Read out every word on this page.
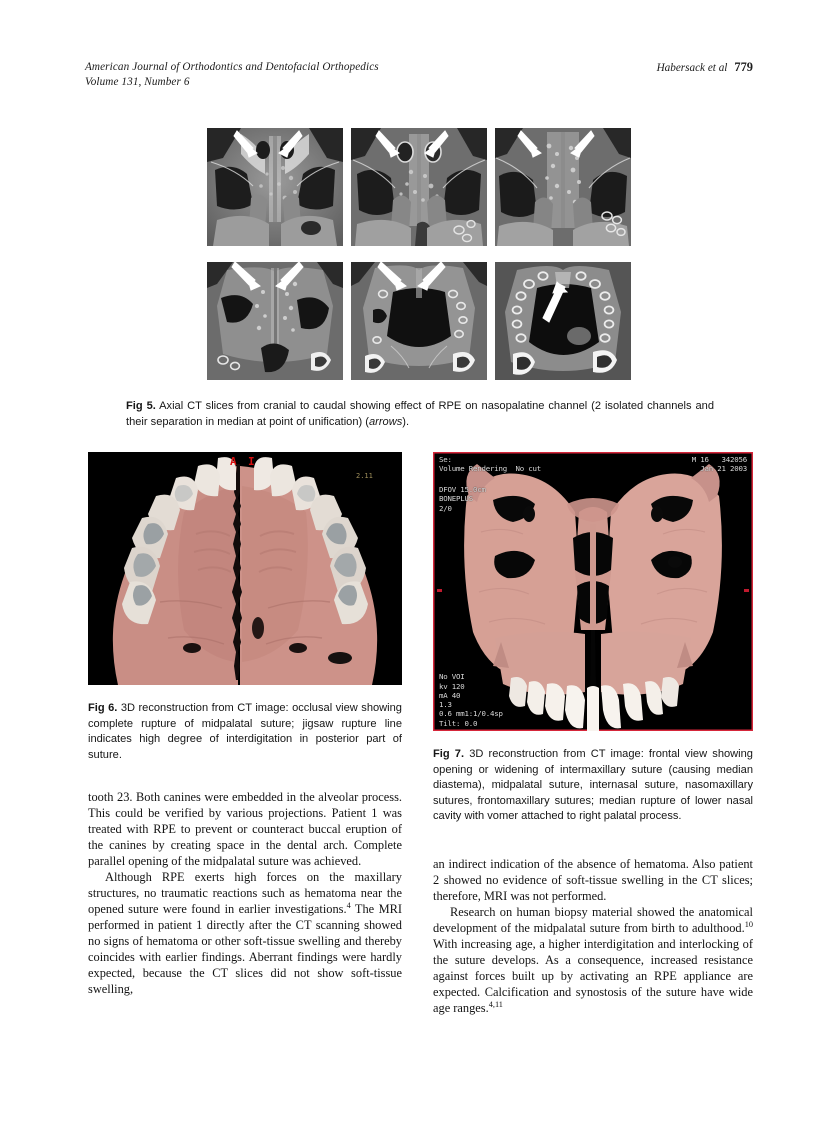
American Journal of Orthodontics and Dentofacial Orthopedics
Volume 131, Number 6
Habersack et al 779
Fig 5. Axial CT slices from cranial to caudal showing effect of RPE on nasopalatine channel (2 isolated channels and their separation in median at point of unification) (arrows).
A I
2.11
Fig 6. 3D reconstruction from CT image: occlusal view showing complete rupture of midpalatal suture; jigsaw rupture line indicates high degree of interdigitation in posterior part of suture.
Se:
Volume Rendering  No cut
DFOV 15.0cm
BONEPLUS
2/0
M 16   342056
Jan 21 2003
No VOI
kv 120
mA 40
1.3
0.6 mm1:1/0.4sp
Tilt: 0.0
Fig 7. 3D reconstruction from CT image: frontal view showing opening or widening of intermaxillary suture (causing median diastema), midpalatal suture, internasal suture, nasomaxillary sutures, frontomaxillary sutures; median rupture of lower nasal cavity with vomer attached to right palatal process.

tooth 23. Both canines were embedded in the alveolar process. This could be verified by various projections. Patient 1 was treated with RPE to prevent or counteract buccal eruption of the canines by creating space in the dental arch. Complete parallel opening of the midpalatal suture was achieved.

Although RPE exerts high forces on the maxillary structures, no traumatic reactions such as hematoma near the opened suture were found in earlier investigations.$^4$ The MRI performed in patient 1 directly after the CT scanning showed no signs of hematoma or other soft-tissue swelling and thereby coincides with earlier findings. Aberrant findings were hardly expected, because the CT slices did not show soft-tissue swelling,

an indirect indication of the absence of hematoma. Also patient 2 showed no evidence of soft-tissue swelling in the CT slices; therefore, MRI was not performed.

Research on human biopsy material showed the anatomical development of the midpalatal suture from birth to adulthood.$^{10}$ With increasing age, a higher interdigitation and interlocking of the suture develops. As a consequence, increased resistance against forces built up by activating an RPE appliance are expected. Calcification and synostosis of the suture have wide age ranges.$^{4,11}$
